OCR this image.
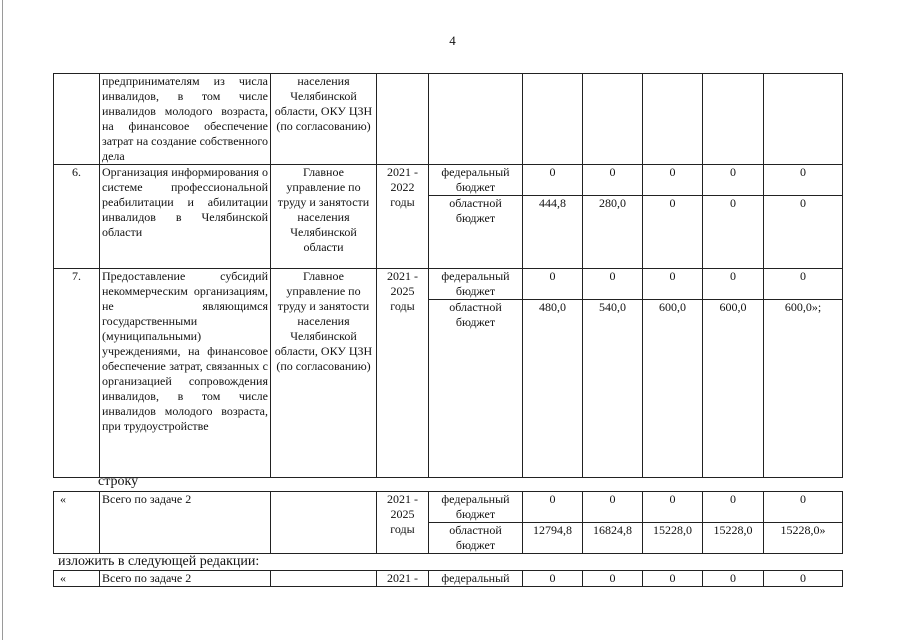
4
	предпринимателям из числа инвалидов, в том числе инвалидов молодого возраста, на финансовое обеспечение затрат на создание собственного дела	населения Челябинской области, ОКУ ЦЗН (по согласованию)							
6.	Организация информирования о системе профессиональной реабилитации и абилитации инвалидов в Челябинской области	Главное управление по труду и занятости населения Челябинской области	2021 - 2022 годы	федеральный бюджет	0	0	0	0	0
				областной бюджет	444,8	280,0	0	0	0
7.	Предоставление субсидий некоммерческим организациям, не являющимся государственными (муниципальными) учреждениями, на финансовое обеспечение затрат, связанных с организацией сопровождения инвалидов, в том числе инвалидов молодого возраста, при трудоустройстве	Главное управление по труду и занятости населения Челябинской области, ОКУ ЦЗН (по согласованию)	2021 - 2025 годы	федеральный бюджет	0	0	0	0	0
				областной бюджет	480,0	540,0	600,0	600,0	600,0»;
строку
«	Всего по задаче 2		2021 - 2025 годы	федеральный бюджет	0	0	0	0	0
				областной бюджет	12794,8	16824,8	15228,0	15228,0	15228,0»
изложить в следующей редакции:
«	Всего по задаче 2		2021 -	федеральный	0	0	0	0	0
